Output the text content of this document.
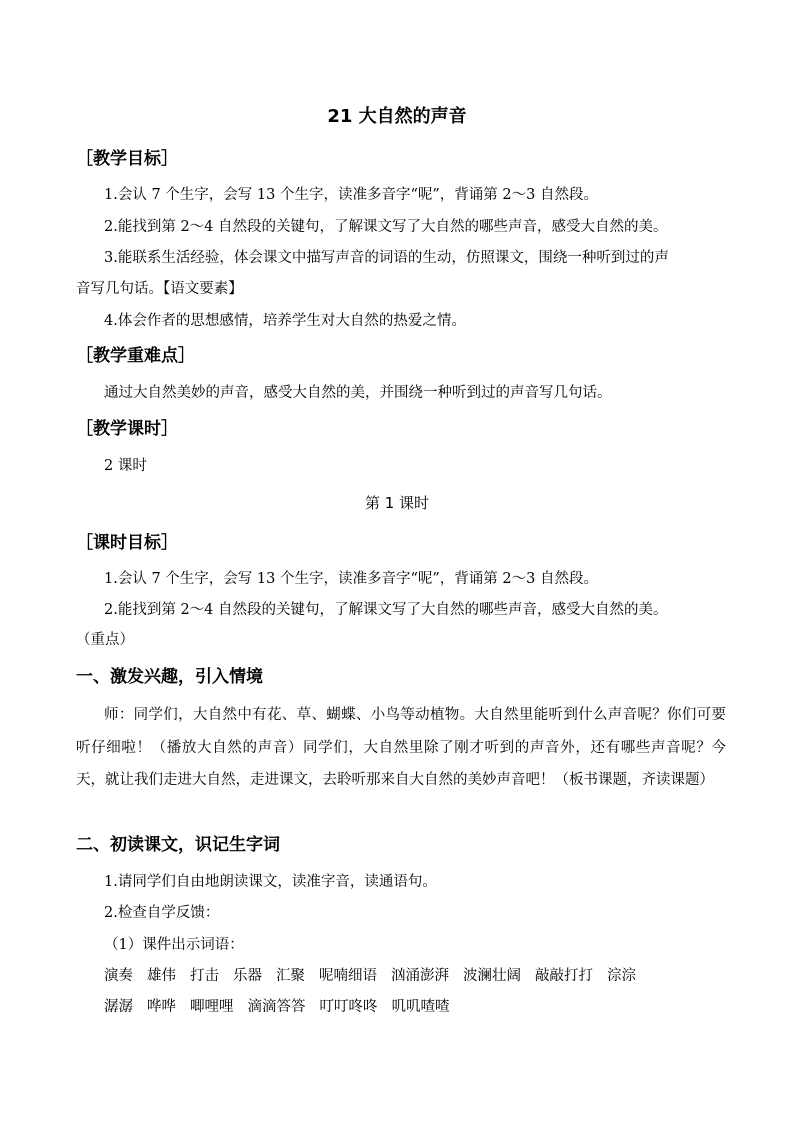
21 大自然的声音
［教学目标］
1.会认 7 个生字，会写 13 个生字，读准多音字“呢”，背诵第 2～3 自然段。
2.能找到第 2～4 自然段的关键句，了解课文写了大自然的哪些声音，感受大自然的美。
3.能联系生活经验，体会课文中描写声音的词语的生动，仿照课文，围绕一种听到过的声
音写几句话。【语文要素】
4.体会作者的思想感情，培养学生对大自然的热爱之情。
［教学重难点］
通过大自然美妙的声音，感受大自然的美，并围绕一种听到过的声音写几句话。
［教学课时］
2 课时
第 1 课时
［课时目标］
1.会认 7 个生字，会写 13 个生字，读准多音字“呢”，背诵第 2～3 自然段。
2.能找到第 2～4 自然段的关键句，了解课文写了大自然的哪些声音，感受大自然的美。
（重点）
一、激发兴趣，引入情境
师：同学们，大自然中有花、草、蝴蝶、小鸟等动植物。大自然里能听到什么声音呢？你们可要听仔细啦！（播放大自然的声音）同学们，大自然里除了刚才听到的声音外，还有哪些声音呢？今天，就让我们走进大自然，走进课文，去聆听那来自大自然的美妙声音吧！（板书课题，齐读课题）
二、初读课文，识记生字词
1.请同学们自由地朗读课文，读准字音，读通语句。
2.检查自学反馈：
（1）课件出示词语：
演奏 雄伟 打击 乐器 汇聚 呢喃细语 汹涌澎湃 波澜壮阔 敲敲打打 淙淙
潺潺 哗哗 唧哩哩 滴滴答答 叮叮咚咚 叽叽喳喳
